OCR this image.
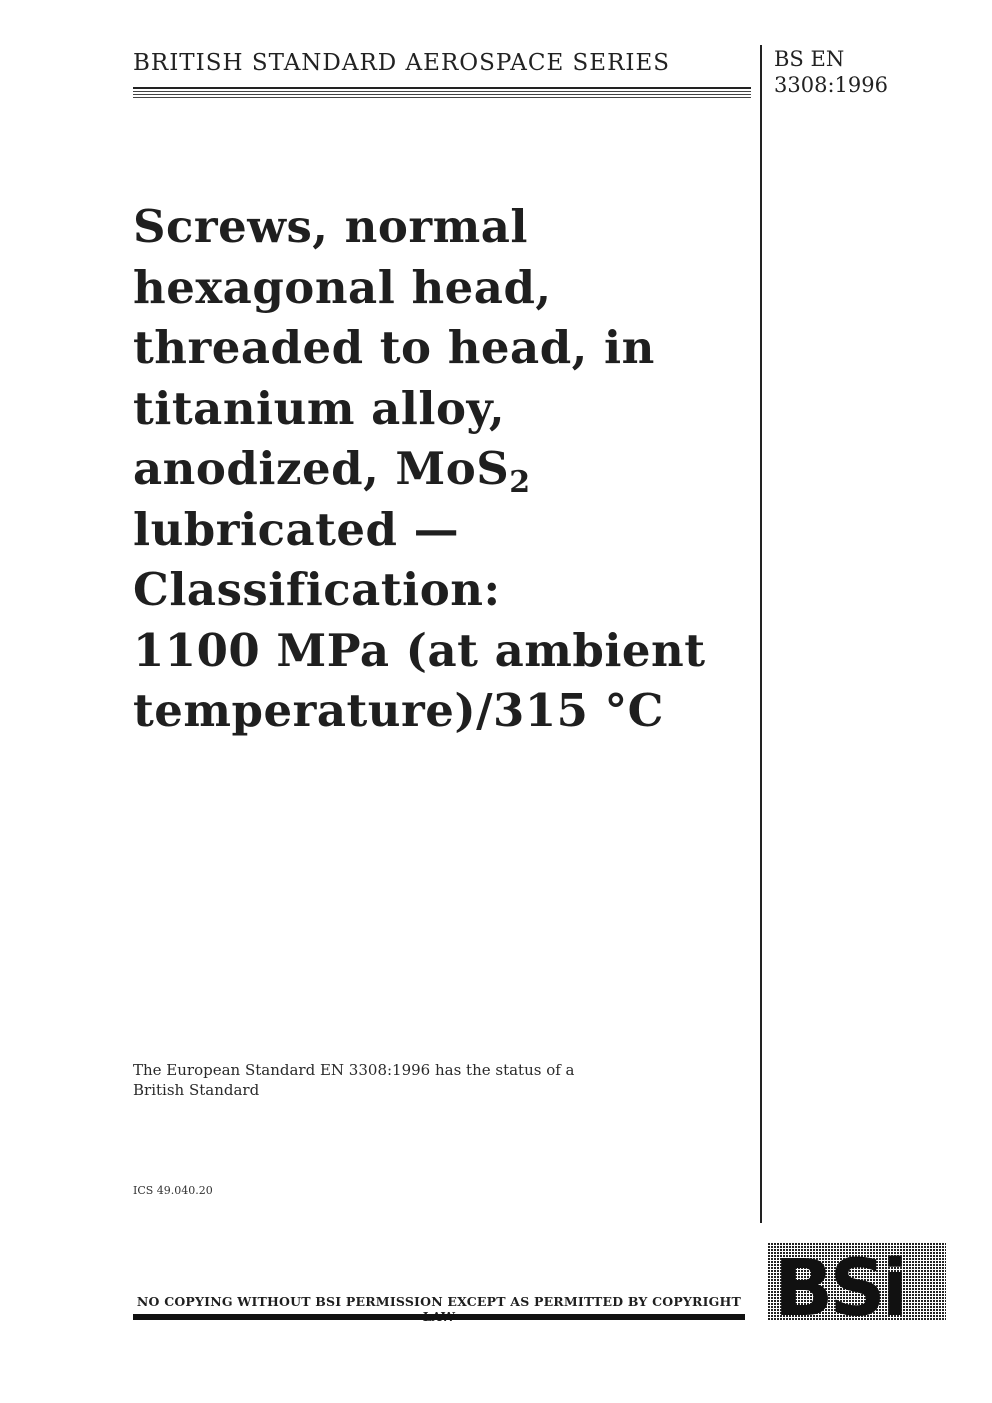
BRITISH STANDARD AEROSPACE SERIES	BS EN
3308:1996
Screws, normal
hexagonal head,
threaded to head, in
titanium alloy,
anodized, MoS$_2$
lubricated —
Classification:
1100 MPa (at ambient
temperature)/315 °C
The European Standard EN 3308:1996 has the status of a
British Standard
ICS 49.040.20
NO COPYING WITHOUT BSI PERMISSION EXCEPT AS PERMITTED BY COPYRIGHT BSi
